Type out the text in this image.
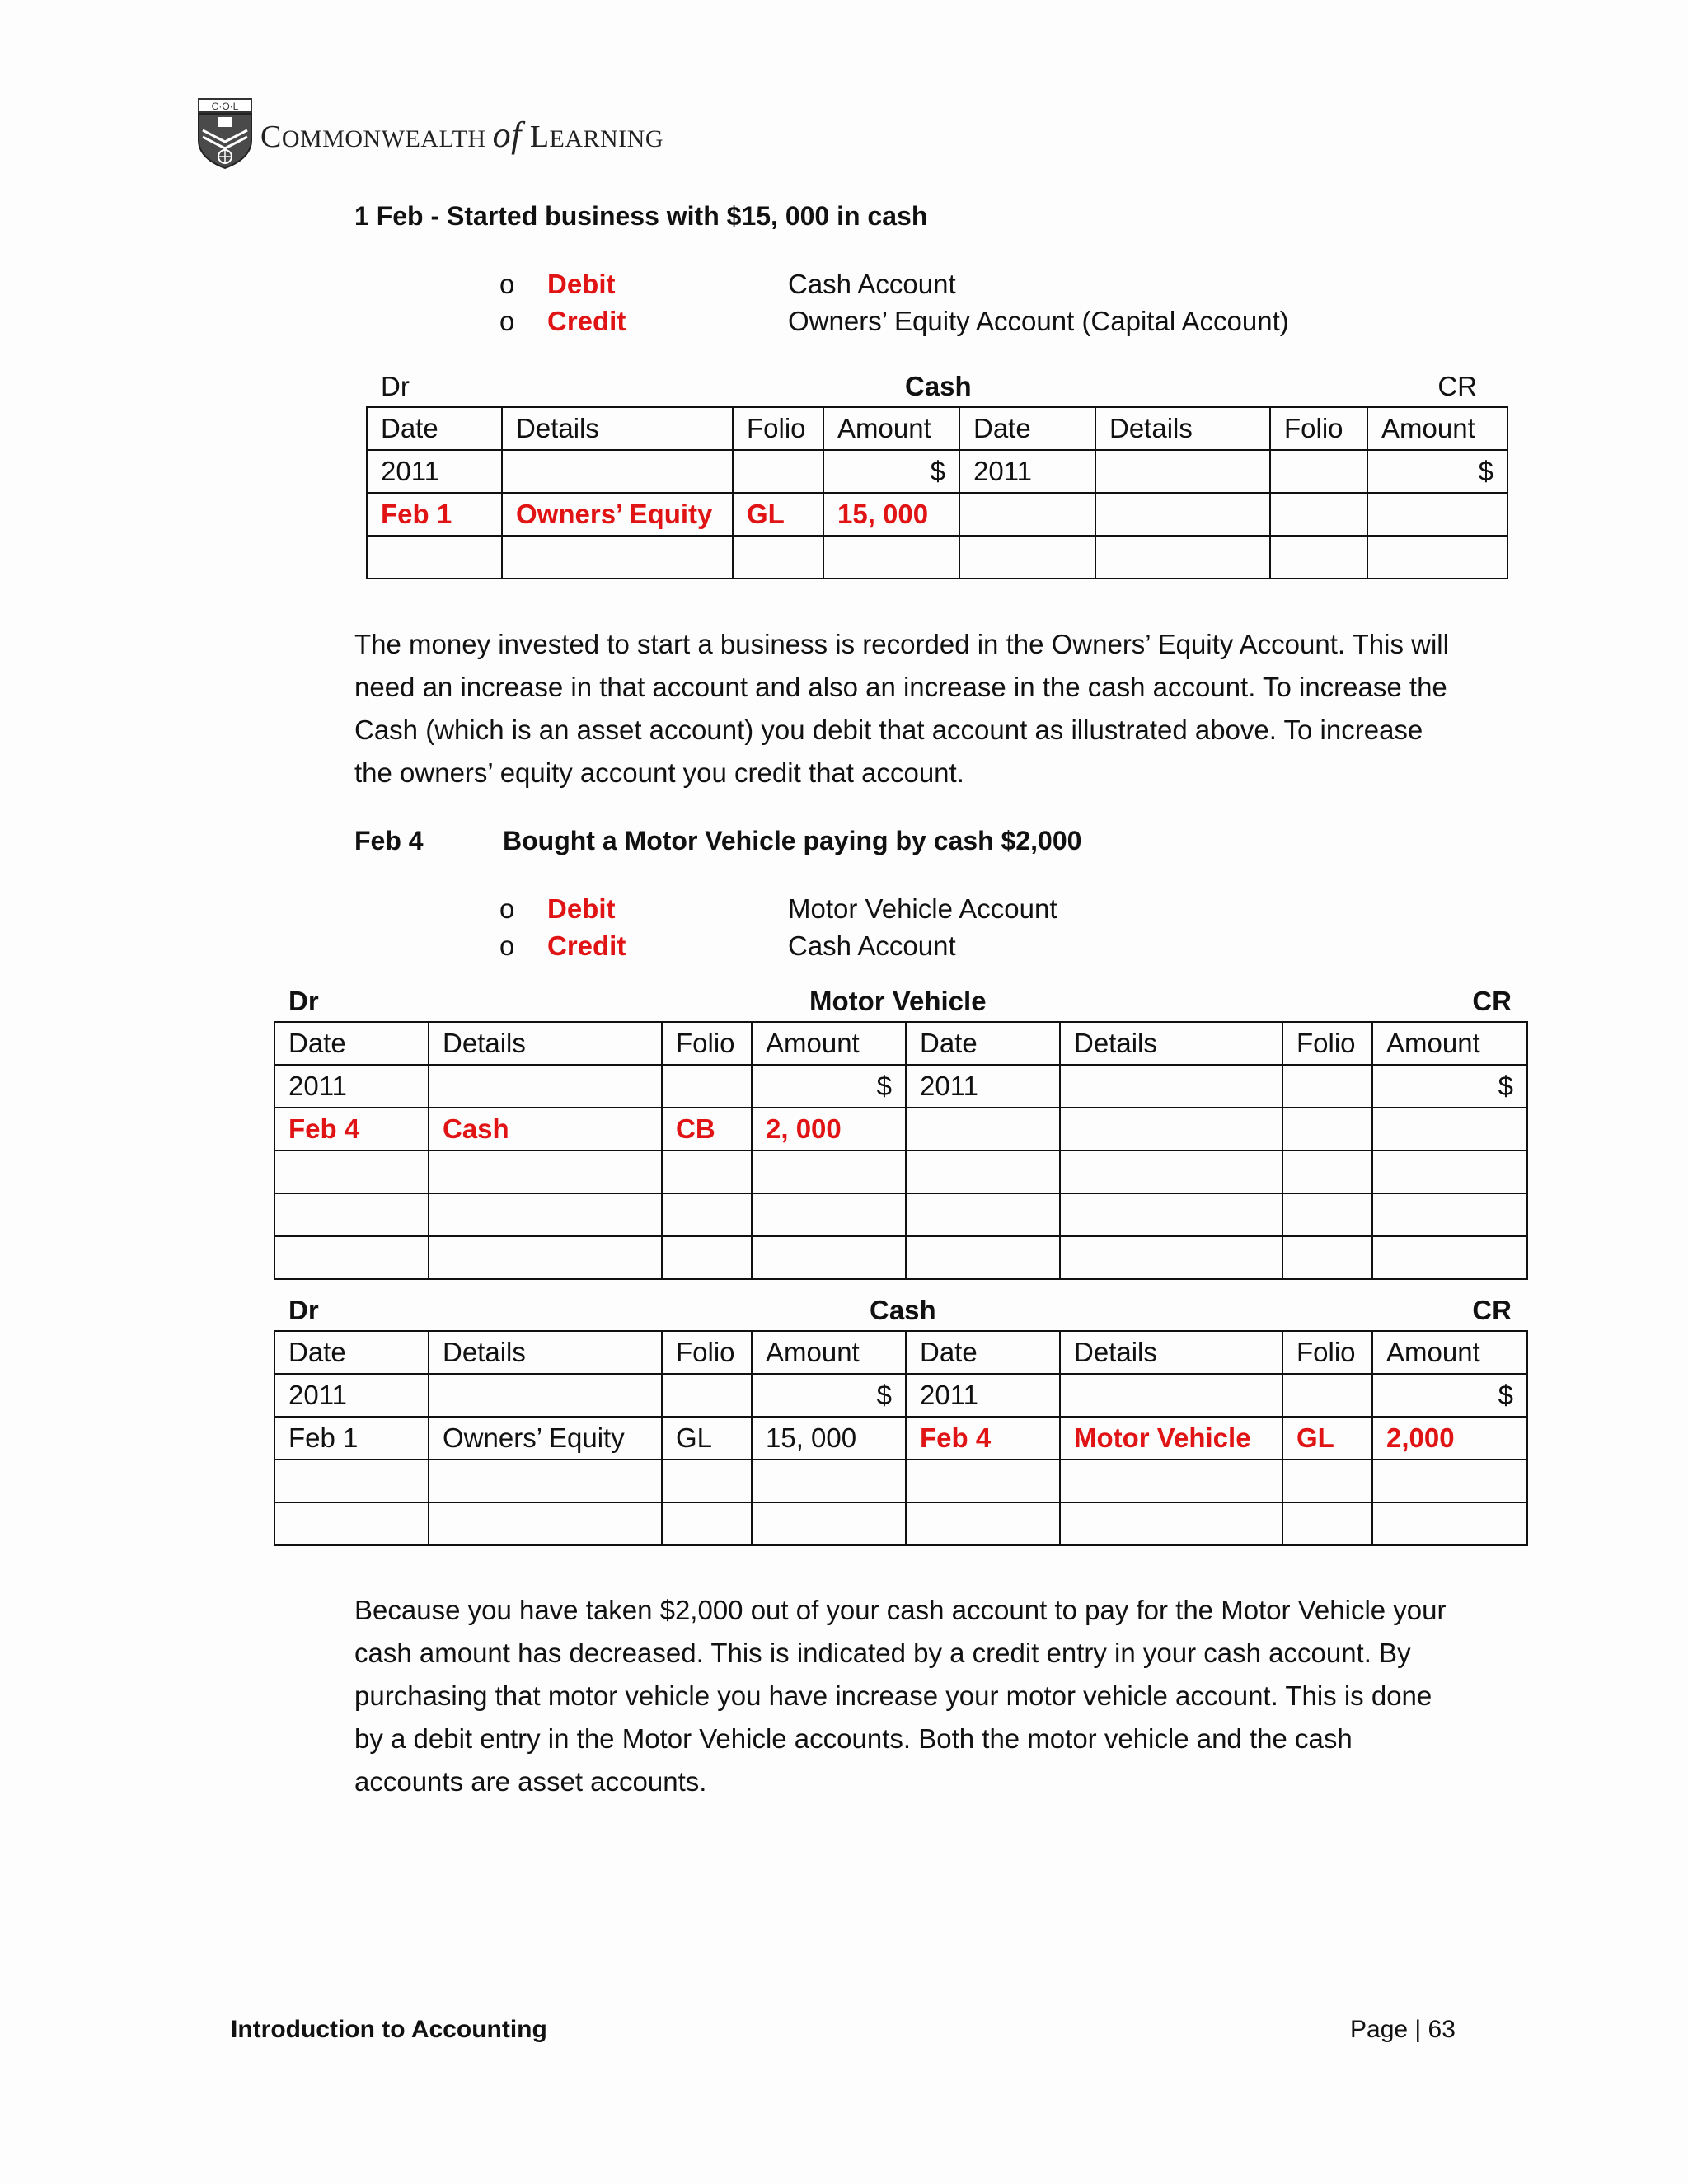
C·O·L
COMMONWEALTH of LEARNING
1 Feb - Started business with $15, 000 in cash
o Debit	Cash Account
o Credit	Owners’ Equity Account (Capital Account)
Dr	Cash	CR
Date	Details	Folio	Amount	Date	Details	Folio	Amount
2011			$	2011			$
Feb 1	Owners’ Equity	GL	15, 000				

The money invested to start a business is recorded in the Owners’ Equity Account. This will
need an increase in that account and also an increase in the cash account. To increase the
Cash (which is an asset account) you debit that account as illustrated above. To increase
the owners’ equity account you credit that account.
Feb 4	Bought a Motor Vehicle paying by cash $2,000
o Debit	Motor Vehicle Account
o Credit	Cash Account
Dr	Motor Vehicle	CR
Date	Details	Folio	Amount	Date	Details	Folio	Amount
2011			$	2011			$
Feb 4	Cash	CB	2, 000				

Dr	Cash	CR
Date	Details	Folio	Amount	Date	Details	Folio	Amount
2011			$	2011			$
Feb 1	Owners’ Equity	GL	15, 000	Feb 4	Motor Vehicle	GL	2,000

Because you have taken $2,000 out of your cash account to pay for the Motor Vehicle your
cash amount has decreased. This is indicated by a credit entry in your cash account. By
purchasing that motor vehicle you have increase your motor vehicle account. This is done
by a debit entry in the Motor Vehicle accounts. Both the motor vehicle and the cash
accounts are asset accounts.
Introduction to Accounting	Page | 63
